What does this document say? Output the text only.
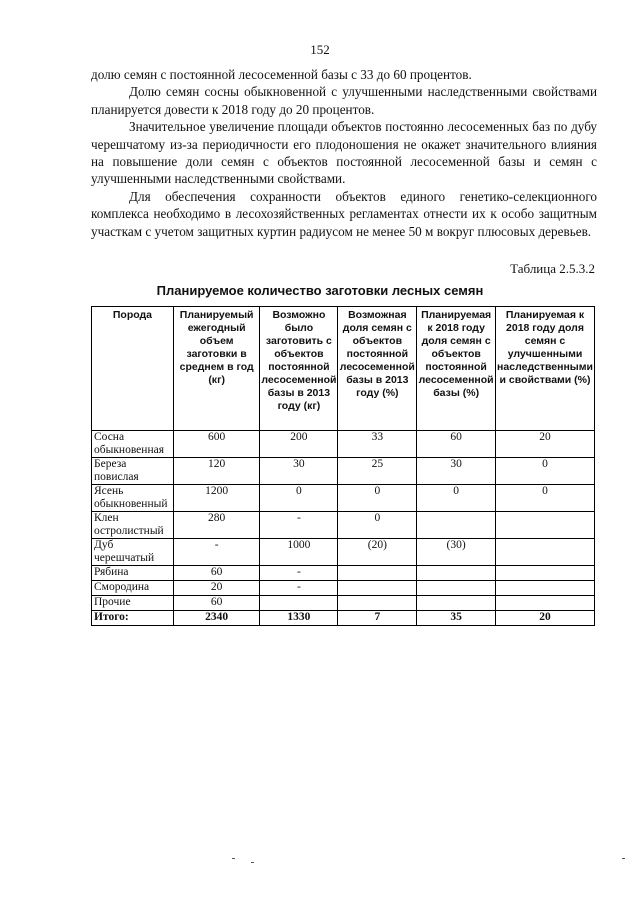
152

долю семян с постоянной лесосеменной базы с 33 до 60 процентов.

Долю семян сосны обыкновенной с улучшенными наследственными свойствами планируется довести к 2018 году до 20 процентов.

Значительное увеличение площади объектов постоянно лесосеменных баз по дубу черешчатому из-за периодичности его плодоношения не окажет значительного влияния на повышение доли семян с объектов постоянной лесосеменной базы и семян с улучшенными наследственными свойствами.

Для обеспечения сохранности объектов единого генетико-селекционного комплекса необходимо в лесохозяйственных регламентах отнести их к особо защитным участкам с учетом защитных куртин радиусом не менее 50 м вокруг плюсовых деревьев.

Таблица 2.5.3.2
Планируемое количество заготовки лесных семян
Порода	Планируемый ежегодный объем заготовки в среднем в год (кг)	Возможно было заготовить с объектов постоянной лесосеменной базы в 2013 году (кг)	Возможная доля семян с объектов постоянной лесосеменной базы в 2013 году (%)	Планируемая к 2018 году доля семян с объектов постоянной лесосеменной базы (%)	Планируемая к 2018 году доля семян с улучшенными наследственными и свойствами (%)
Сосна обыкновенная	600	200	33	60	20
Береза повислая	120	30	25	30	0
Ясень обыкновенный	1200	0	0	0	0
Клен остролистный	280	-	0		
Дуб черешчатый	-	1000	(20)	(30)	
Рябина	60	-			
Смородина	20	-			
Прочие	60				
Итого:	2340	1330	7	35	20
